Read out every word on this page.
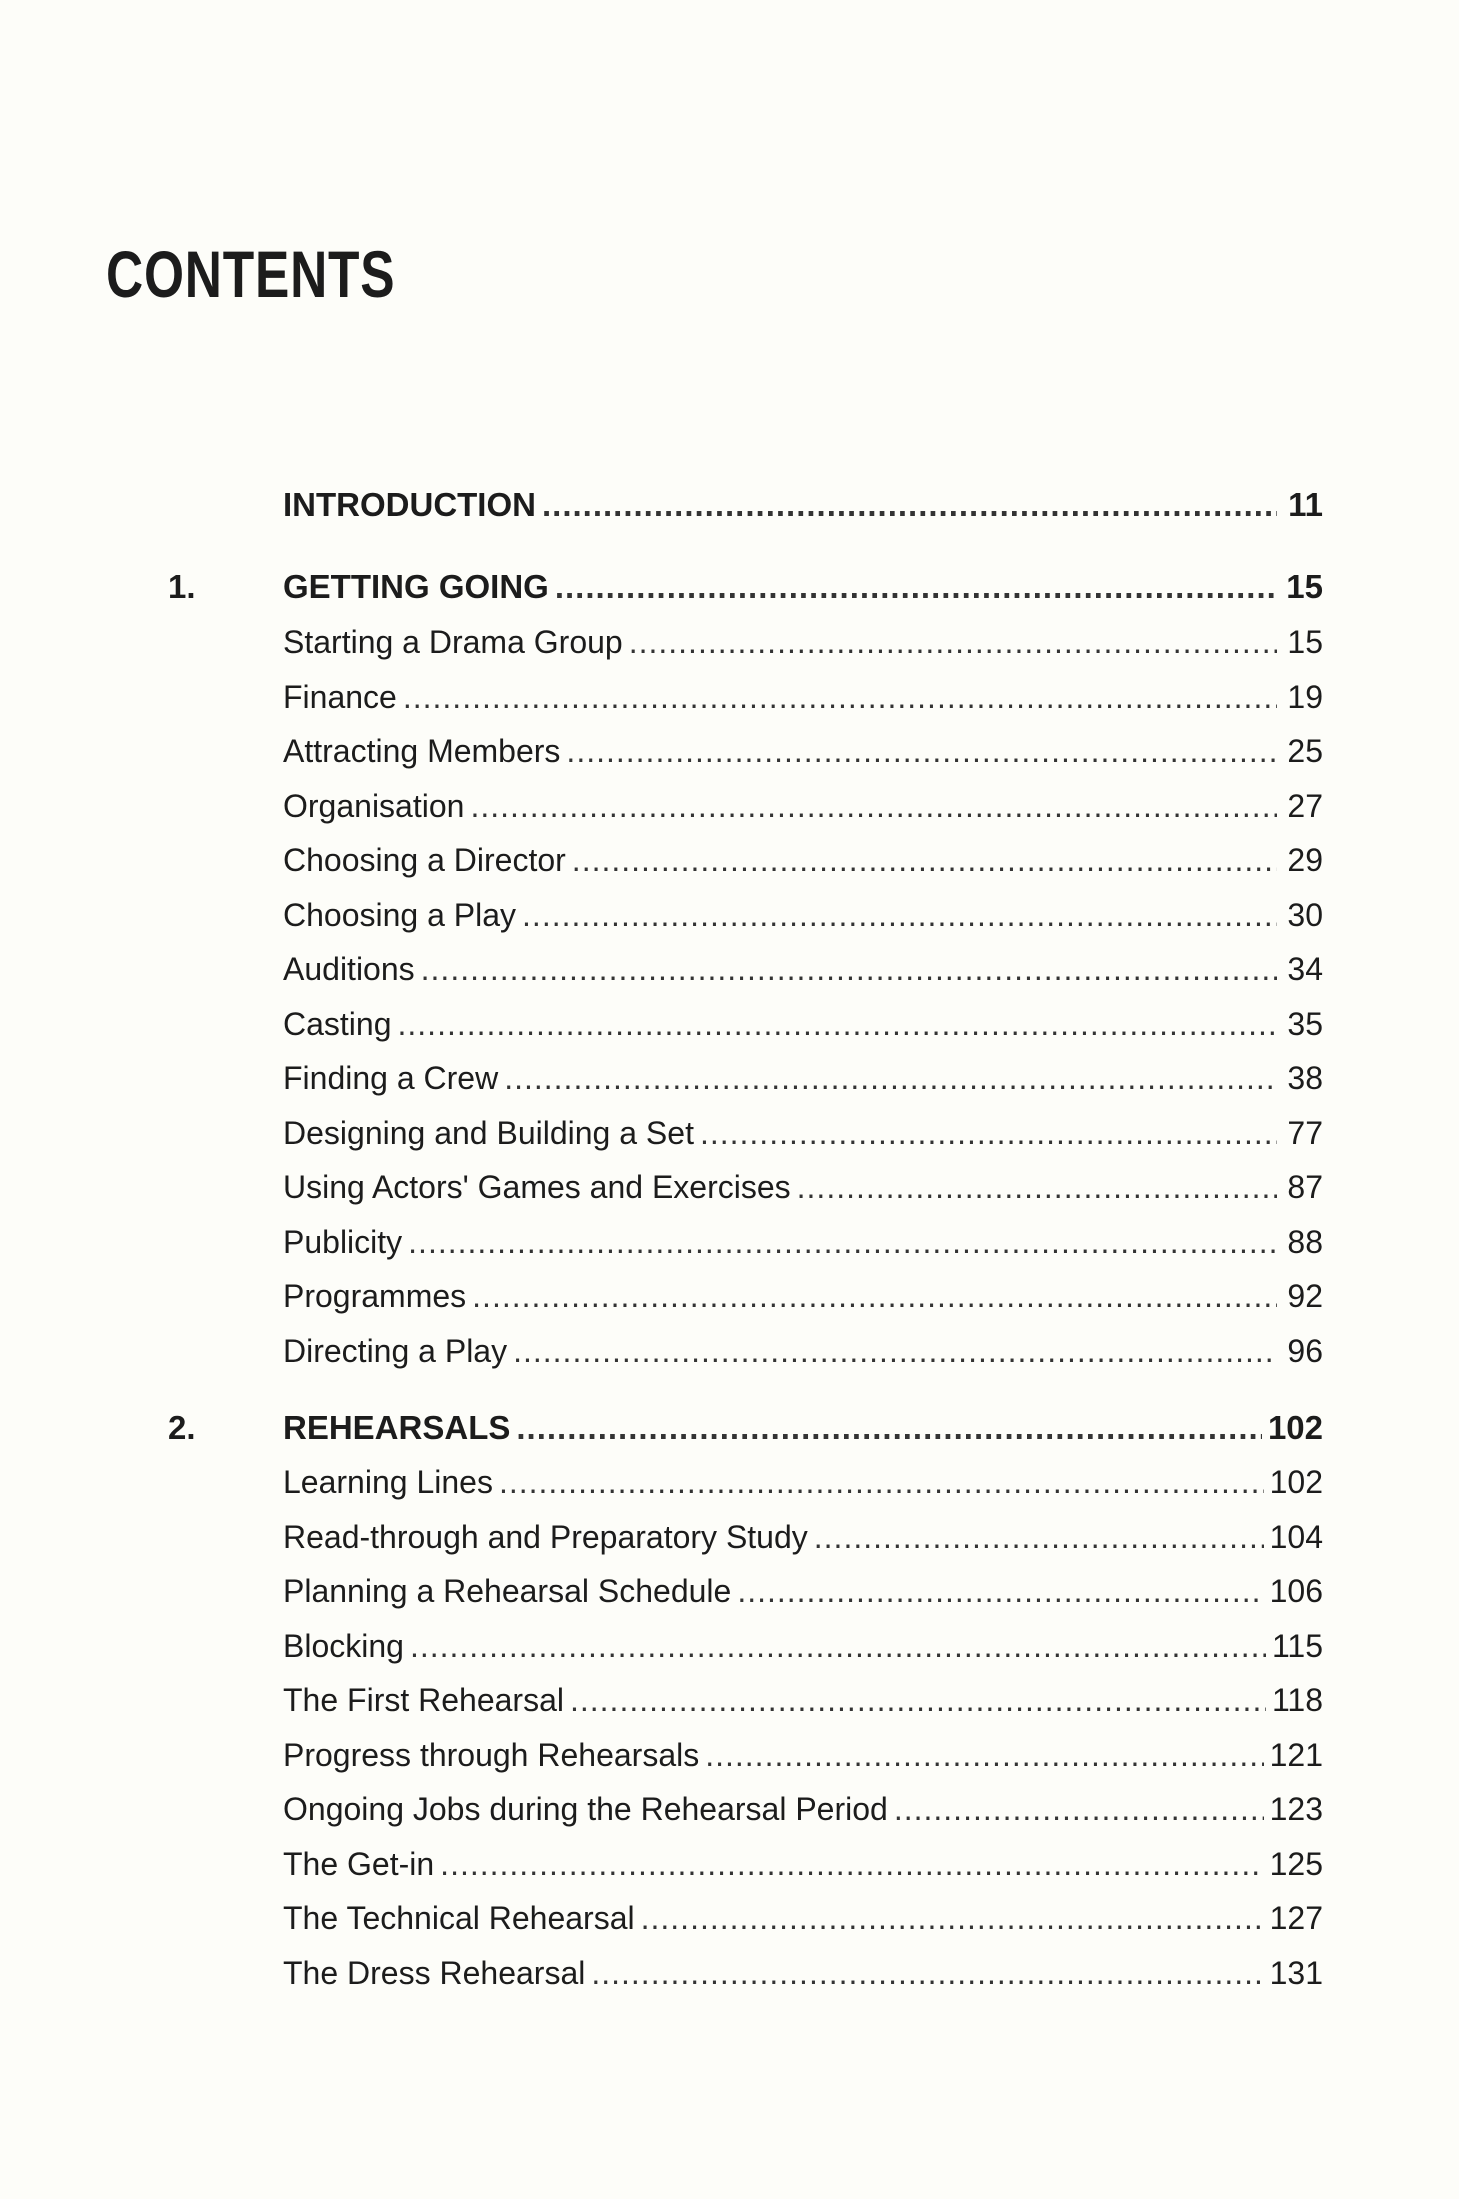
CONTENTS
INTRODUCTION .....	11
1.	GETTING GOING .....	15
Starting a Drama Group .....	15
Finance .....	19
Attracting Members .....	25
Organisation .....	27
Choosing a Director .....	29
Choosing a Play .....	30
Auditions .....	34
Casting .....	35
Finding a Crew .....	38
Designing and Building a Set .....	77
Using Actors' Games and Exercises .....	87
Publicity .....	88
Programmes .....	92
Directing a Play .....	96
2.	REHEARSALS .....	102
Learning Lines .....	102
Read-through and Preparatory Study .....	104
Planning a Rehearsal Schedule .....	106
Blocking .....	115
The First Rehearsal .....	118
Progress through Rehearsals .....	121
Ongoing Jobs during the Rehearsal Period .....	123
The Get-in .....	125
The Technical Rehearsal .....	127
The Dress Rehearsal .....	131
